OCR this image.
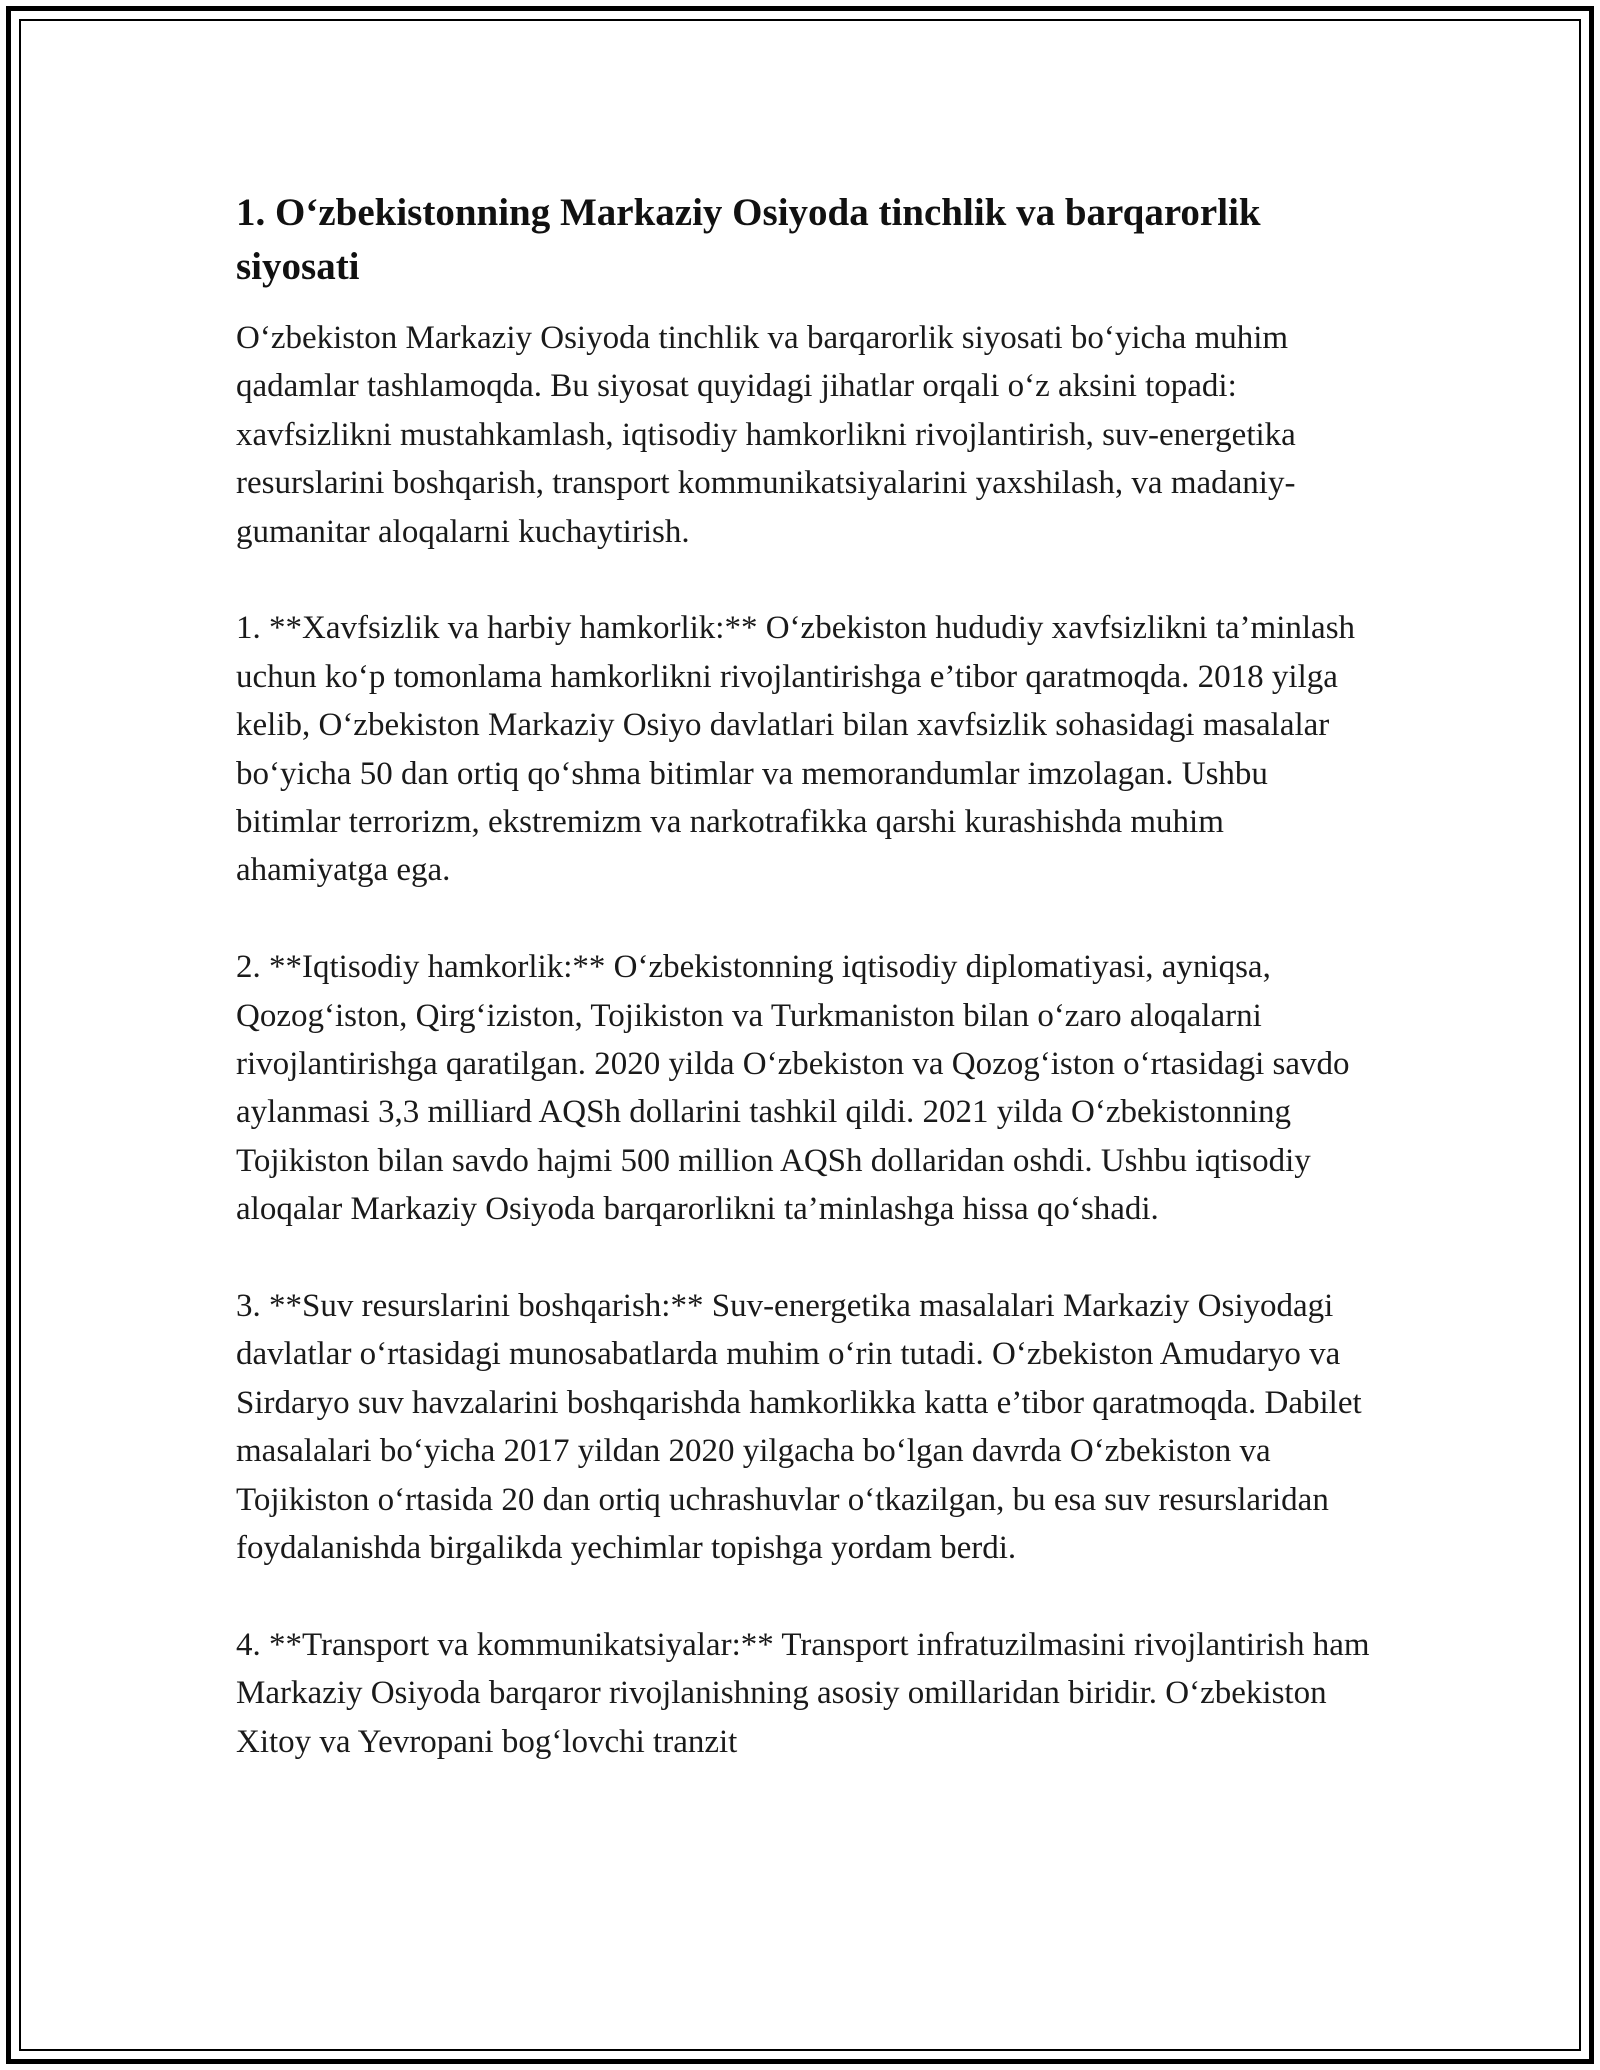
1. O‘zbekistonning Markaziy Osiyoda tinchlik va barqarorlik siyosati

O‘zbekiston Markaziy Osiyoda tinchlik va barqarorlik siyosati bo‘yicha muhim qadamlar tashlamoqda. Bu siyosat quyidagi jihatlar orqali o‘z aksini topadi: xavfsizlikni mustahkamlash, iqtisodiy hamkorlikni rivojlantirish, suv-energetika resurslarini boshqarish, transport kommunikatsiyalarini yaxshilash, va madaniy-gumanitar aloqalarni kuchaytirish.

1. **Xavfsizlik va harbiy hamkorlik:** O‘zbekiston hududiy xavfsizlikni ta’minlash uchun ko‘p tomonlama hamkorlikni rivojlantirishga e’tibor qaratmoqda. 2018 yilga kelib, O‘zbekiston Markaziy Osiyo davlatlari bilan xavfsizlik sohasidagi masalalar bo‘yicha 50 dan ortiq qo‘shma bitimlar va memorandumlar imzolagan. Ushbu bitimlar terrorizm, ekstremizm va narkotrafikka qarshi kurashishda muhim ahamiyatga ega.

2. **Iqtisodiy hamkorlik:** O‘zbekistonning iqtisodiy diplomatiyasi, ayniqsa, Qozog‘iston, Qirg‘iziston, Tojikiston va Turkmaniston bilan o‘zaro aloqalarni rivojlantirishga qaratilgan. 2020 yilda O‘zbekiston va Qozog‘iston o‘rtasidagi savdo aylanmasi 3,3 milliard AQSh dollarini tashkil qildi. 2021 yilda O‘zbekistonning Tojikiston bilan savdo hajmi 500 million AQSh dollaridan oshdi. Ushbu iqtisodiy aloqalar Markaziy Osiyoda barqarorlikni ta’minlashga hissa qo‘shadi.

3. **Suv resurslarini boshqarish:** Suv-energetika masalalari Markaziy Osiyodagi davlatlar o‘rtasidagi munosabatlarda muhim o‘rin tutadi. O‘zbekiston Amudaryo va Sirdaryo suv havzalarini boshqarishda hamkorlikka katta e’tibor qaratmoqda. Dabilet masalalari bo‘yicha 2017 yildan 2020 yilgacha bo‘lgan davrda O‘zbekiston va Tojikiston o‘rtasida 20 dan ortiq uchrashuvlar o‘tkazilgan, bu esa suv resurslaridan foydalanishda birgalikda yechimlar topishga yordam berdi.

4. **Transport va kommunikatsiyalar:** Transport infratuzilmasini rivojlantirish ham Markaziy Osiyoda barqaror rivojlanishning asosiy omillaridan biridir. O‘zbekiston Xitoy va Yevropani bog‘lovchi tranzit
